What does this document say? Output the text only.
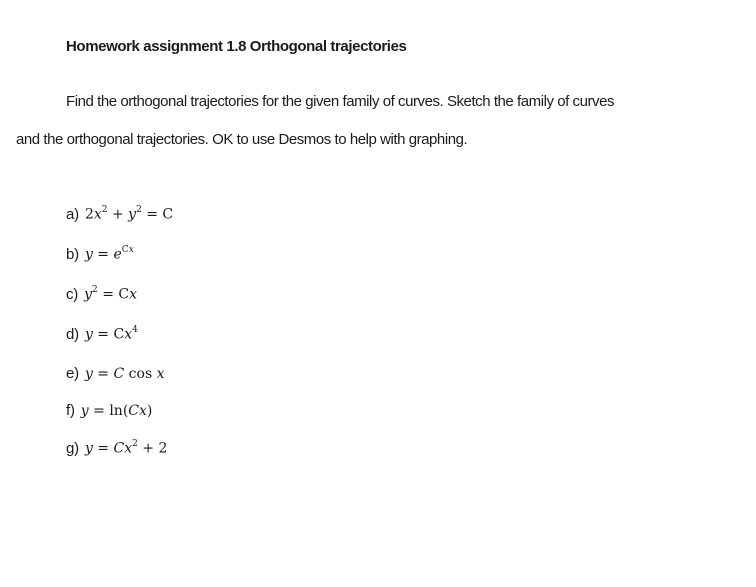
Homework assignment 1.8 Orthogonal trajectories
Find the orthogonal trajectories for the given family of curves. Sketch the family of curves
and the orthogonal trajectories. OK to use Desmos to help with graphing.
a) $2x^2 + y^2 = C$
b) $y = e^{Cx}$
c) $y^2 = Cx$
d) $y = Cx^4$
e) y = C cos x
f) y = ln(Cx)
g) $y = Cx^2 + 2$
